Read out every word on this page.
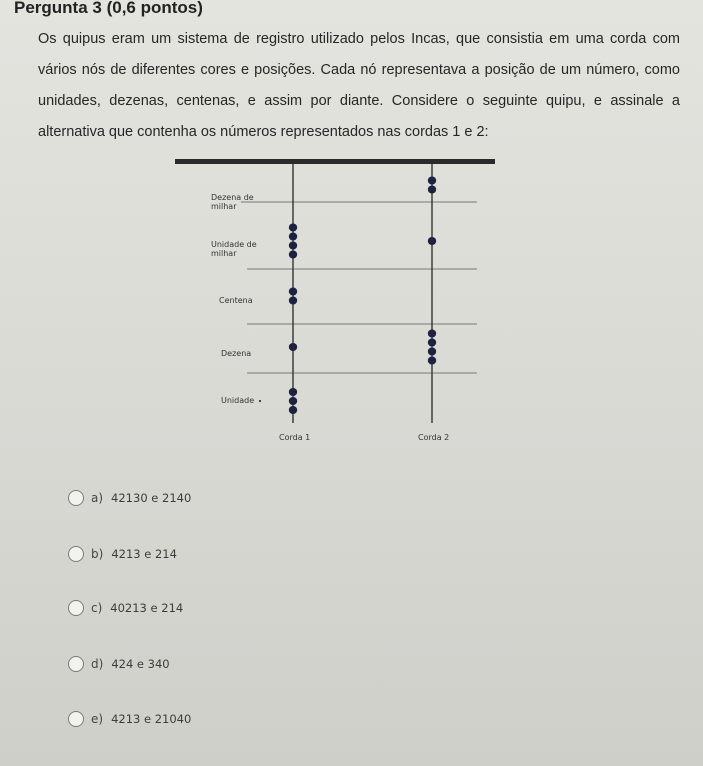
Pergunta 3 (0,6 pontos)
Os quipus eram um sistema de registro utilizado pelos Incas, que consistia em uma corda com vários nós de diferentes cores e posições. Cada nó representava a posição de um número, como unidades, dezenas, centenas, e assim por diante. Considere o seguinte quipu, e assinale a alternativa que contenha os números representados nas cordas 1 e 2:
Dezena de milhar
Unidade de milhar
Centena
Dezena
Unidade
Corda 1	Corda 2
a) 42130 e 2140
b) 4213 e 214
c) 40213 e 214
d) 424 e 340
e) 4213 e 21040
